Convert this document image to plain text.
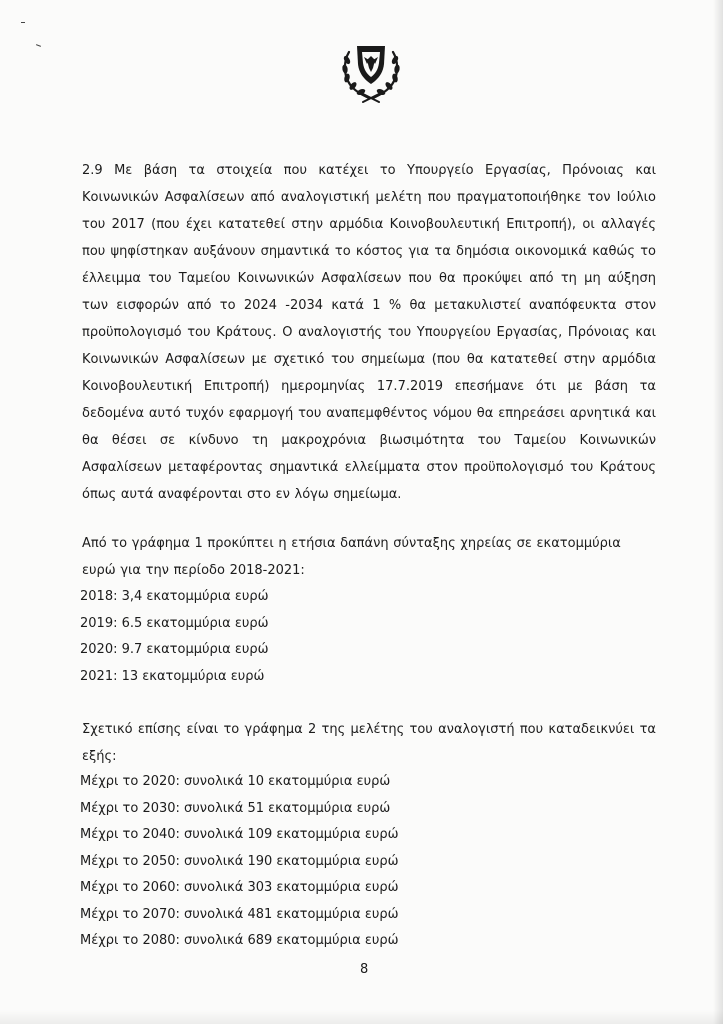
2.9 Με βάση τα στοιχεία που κατέχει το Υπουργείο Εργασίας, Πρόνοιας και Κοινωνικών Ασφαλίσεων από αναλογιστική μελέτη που πραγματοποιήθηκε τον Ιούλιο του 2017 (που έχει κατατεθεί στην αρμόδια Κοινοβουλευτική Επιτροπή), οι αλλαγές που ψηφίστηκαν αυξάνουν σημαντικά το κόστος για τα δημόσια οικονομικά καθώς το έλλειμμα του Ταμείου Κοινωνικών Ασφαλίσεων που θα προκύψει από τη μη αύξηση των εισφορών από το 2024 -2034 κατά 1 % θα μετακυλιστεί αναπόφευκτα στον προϋπολογισμό του Κράτους. Ο αναλογιστής του Υπουργείου Εργασίας, Πρόνοιας και Κοινωνικών Ασφαλίσεων με σχετικό του σημείωμα (που θα κατατεθεί στην αρμόδια Κοινοβουλευτική Επιτροπή) ημερομηνίας 17.7.2019 επεσήμανε ότι με βάση τα δεδομένα αυτό τυχόν εφαρμογή του αναπεμφθέντος νόμου θα επηρεάσει αρνητικά και θα θέσει σε κίνδυνο τη μακροχρόνια βιωσιμότητα του Ταμείου Κοινωνικών Ασφαλίσεων μεταφέροντας σημαντικά ελλείμματα στον προϋπολογισμό του Κράτους όπως αυτά αναφέρονται στο εν λόγω σημείωμα.

Από το γράφημα 1 προκύπτει η ετήσια δαπάνη σύνταξης χηρείας σε εκατομμύρια ευρώ για την περίοδο 2018-2021:

2018: 3,4 εκατομμύρια ευρώ
2019: 6.5 εκατομμύρια ευρώ
2020: 9.7 εκατομμύρια ευρώ
2021: 13 εκατομμύρια ευρώ

Σχετικό επίσης είναι το γράφημα 2 της μελέτης του αναλογιστή που καταδεικνύει τα εξής:

Μέχρι το 2020: συνολικά 10 εκατομμύρια ευρώ
Μέχρι το 2030: συνολικά 51 εκατομμύρια ευρώ
Μέχρι το 2040: συνολικά 109 εκατομμύρια ευρώ
Μέχρι το 2050: συνολικά 190 εκατομμύρια ευρώ
Μέχρι το 2060: συνολικά 303 εκατομμύρια ευρώ
Μέχρι το 2070: συνολικά 481 εκατομμύρια ευρώ
Μέχρι το 2080: συνολικά 689 εκατομμύρια ευρώ
8
